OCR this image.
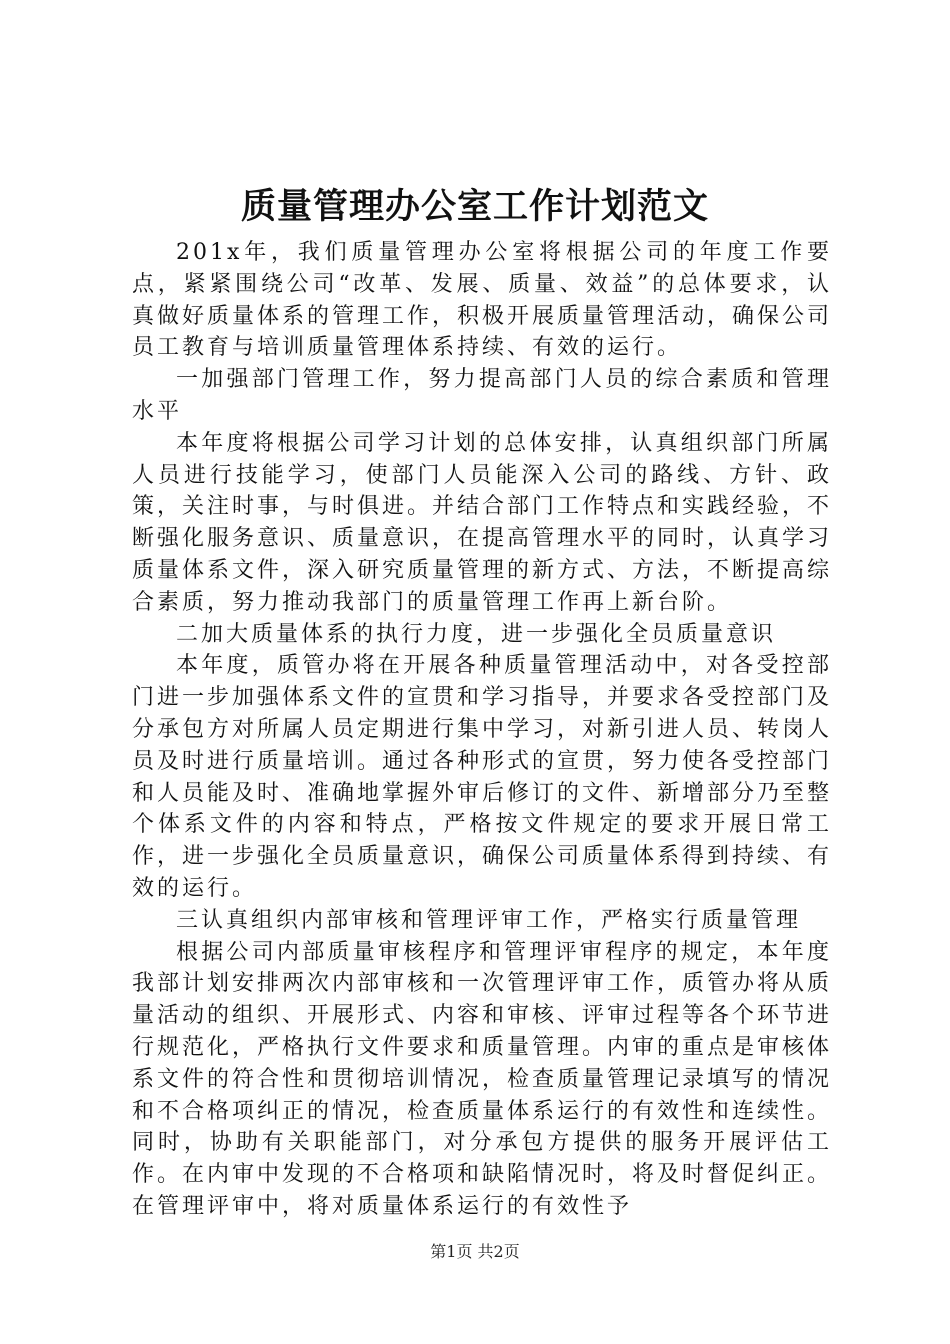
质量管理办公室工作计划范文

201x年，我们质量管理办公室将根据公司的年度工作要点，紧紧围绕公司“改革、发展、质量、效益”的总体要求，认真做好质量体系的管理工作，积极开展质量管理活动，确保公司员工教育与培训质量管理体系持续、有效的运行。

一加强部门管理工作，努力提高部门人员的综合素质和管理水平

本年度将根据公司学习计划的总体安排，认真组织部门所属人员进行技能学习，使部门人员能深入公司的路线、方针、政策，关注时事，与时俱进。并结合部门工作特点和实践经验，不断强化服务意识、质量意识，在提高管理水平的同时，认真学习质量体系文件，深入研究质量管理的新方式、方法，不断提高综合素质，努力推动我部门的质量管理工作再上新台阶。

二加大质量体系的执行力度，进一步强化全员质量意识

本年度，质管办将在开展各种质量管理活动中，对各受控部门进一步加强体系文件的宣贯和学习指导，并要求各受控部门及分承包方对所属人员定期进行集中学习，对新引进人员、转岗人员及时进行质量培训。通过各种形式的宣贯，努力使各受控部门和人员能及时、准确地掌握外审后修订的文件、新增部分乃至整个体系文件的内容和特点，严格按文件规定的要求开展日常工作，进一步强化全员质量意识，确保公司质量体系得到持续、有效的运行。

三认真组织内部审核和管理评审工作，严格实行质量管理

根据公司内部质量审核程序和管理评审程序的规定，本年度我部计划安排两次内部审核和一次管理评审工作，质管办将从质量活动的组织、开展形式、内容和审核、评审过程等各个环节进行规范化，严格执行文件要求和质量管理。内审的重点是审核体系文件的符合性和贯彻培训情况，检查质量管理记录填写的情况和不合格项纠正的情况，检查质量体系运行的有效性和连续性。同时，协助有关职能部门，对分承包方提供的服务开展评估工作。在内审中发现的不合格项和缺陷情况时，将及时督促纠正。在管理评审中，将对质量体系运行的有效性予

第1页 共2页
